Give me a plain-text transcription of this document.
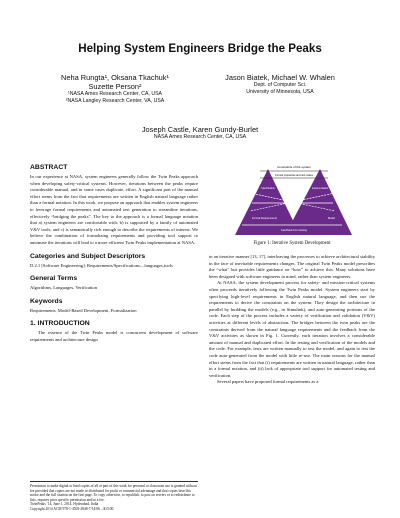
Helping System Engineers Bridge the Peaks
Neha Rungta¹, Oksana Tkachuk¹
Suzette Person²
¹NASA Ames Research Center, CA, USA
²NASA Langley Research Center, VA, USA
Jason Biatek, Michael W. Whalen
Dept. of Computer Sci.
University of Minnesota, USA
Joseph Castle, Karen Gundy-Burlet
NASA Ames Research Center, CA, USA
ABSTRACT

In our experience at NASA, system engineers generally follow the Twin Peaks approach when developing safety-critical systems. However, iterations between the peaks require considerable manual, and in some cases duplicate, effort. A significant part of the manual effort stems from the fact that requirements are written in English natural language rather than a formal notation. In this work, we propose an approach that enables system engineers to leverage formal requirements and automated test generation to streamline iterations, effectively “bridging the peaks”. The key to the approach is a formal language notation that a) system engineers are comfortable with, b) is supported by a family of automated V&V tools, and c) is semantically rich enough to describe the requirements of interest. We believe the combination of formalizing requirements and providing tool support to automate the iterations will lead to a more efficient Twin Peaks implementation at NASA.

Categories and Subject Descriptors

D.2.1 [Software Engineering]: Requirements/Specifications—languages,tools

General Terms

Algorithms, Languages, Verification

Keywords

Requirements, Model-Based Development, Formalization

1. INTRODUCTION

The essence of the Twin Peaks model is concurrent development of software requirements and architecture design

Constraints of the system
Formal properties and test cases
Formal Requirements	Model
Feedback from testing
Specification	Implementation
Figure 1: Iterative System Development

in an iterative manner [13, 17], interleaving the processes to achieve architectural stability in the face of inevitable requirements changes. The original Twin Peaks model prescribes the “what” but provides little guidance on “how” to achieve this. Many solutions have been designed with software engineers in mind, rather than system engineers.

At NASA, the system development process for safety- and mission-critical systems often proceeds iteratively following the Twin Peaks model. System engineers start by specifying high-level requirements in English natural language, and then use the requirements to derive the constraints on the system. They design the architecture in parallel by building the models (e.g., in Simulink), and auto-generating portions of the code. Each step of the process includes a variety of verification and validation (V&V) activities at different levels of abstraction. The bridges between the twin peaks are the constraints derived from the natural language requirements and the feedback from the V&V activities as shown in Fig. 1. Currently, each iteration involves a considerable amount of manual and duplicated effort. In the testing and verification of the models and the code. For example, tests are written manually to test the model, and again to test the code auto-generated from the model with little re-use. The main reasons for the manual effort stems from the fact that (i) requirements are written in natural language, rather than in a formal notation, and (ii) lack of appropriate tool support for automated testing and verification.

Several papers have proposed formal requirements as a

Permission to make digital or hard copies of all or part of this work for personal or classroom use is granted without fee provided that copies are not made or distributed for profit or commercial advantage and that copies bear this notice and the full citation on the first page. To copy otherwise, to republish, to post on servers or to redistribute to lists, requires prior specific permission and/or a fee.
TwinPeaks ’14, June 1, 2014, Hyderabad, India
Copyright 2014 ACM 978-1-4503-2848-7/14/06 ...$15.00.
